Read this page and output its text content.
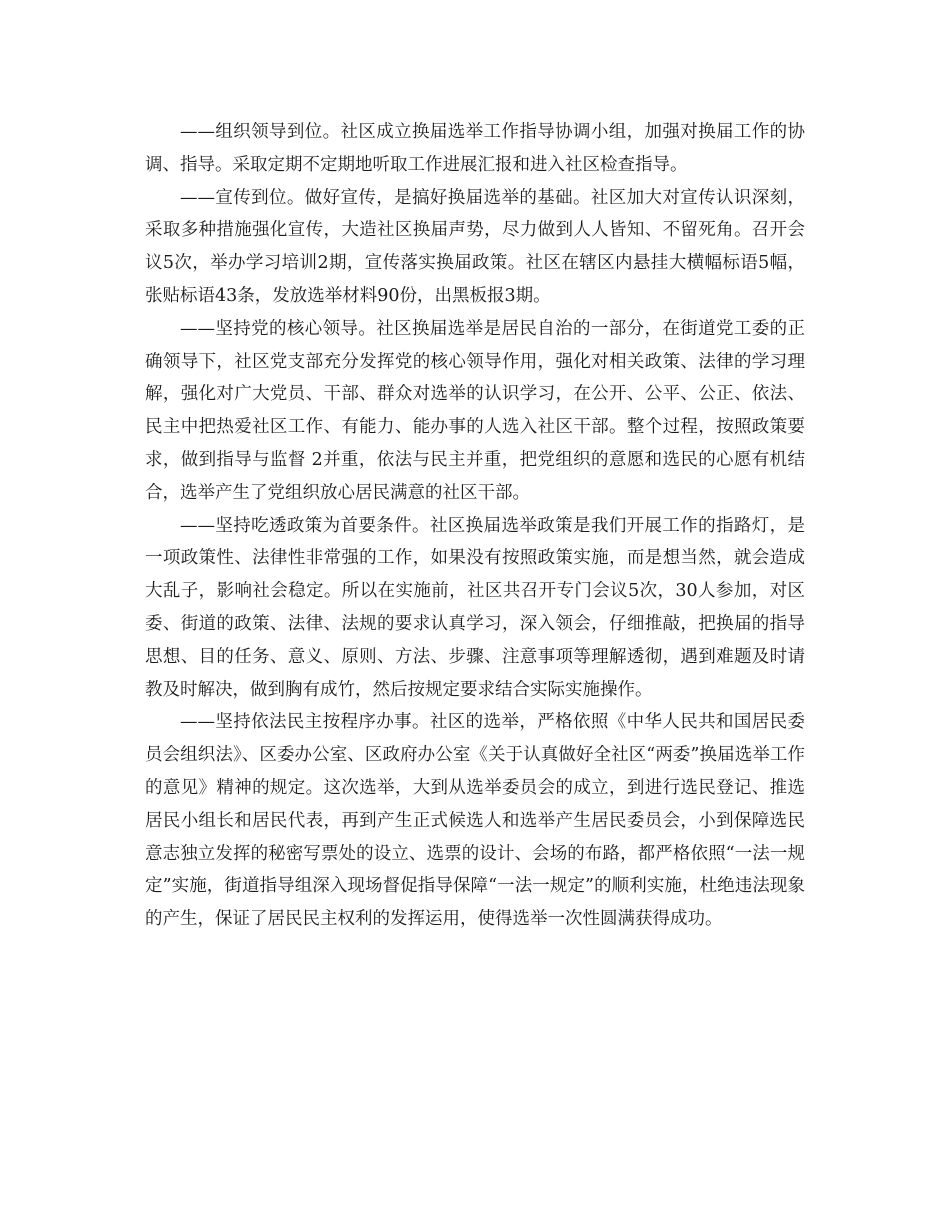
——组织领导到位。社区成立换届选举工作指导协调小组，加强对换届工作的协调、指导。采取定期不定期地听取工作进展汇报和进入社区检查指导。

——宣传到位。做好宣传，是搞好换届选举的基础。社区加大对宣传认识深刻，采取多种措施强化宣传，大造社区换届声势，尽力做到人人皆知、不留死角。召开会议5次，举办学习培训2期，宣传落实换届政策。社区在辖区内悬挂大横幅标语5幅，张贴标语43条，发放选举材料90份，出黑板报3期。

——坚持党的核心领导。社区换届选举是居民自治的一部分，在街道党工委的正确领导下，社区党支部充分发挥党的核心领导作用，强化对相关政策、法律的学习理解，强化对广大党员、干部、群众对选举的认识学习，在公开、公平、公正、依法、民主中把热爱社区工作、有能力、能办事的人选入社区干部。整个过程，按照政策要求，做到指导与监督 2并重，依法与民主并重，把党组织的意愿和选民的心愿有机结合，选举产生了党组织放心居民满意的社区干部。

——坚持吃透政策为首要条件。社区换届选举政策是我们开展工作的指路灯，是一项政策性、法律性非常强的工作，如果没有按照政策实施，而是想当然，就会造成大乱子，影响社会稳定。所以在实施前，社区共召开专门会议5次，30人参加，对区委、街道的政策、法律、法规的要求认真学习，深入领会，仔细推敲，把换届的指导思想、目的任务、意义、原则、方法、步骤、注意事项等理解透彻，遇到难题及时请教及时解决，做到胸有成竹，然后按规定要求结合实际实施操作。

——坚持依法民主按程序办事。社区的选举，严格依照《中华人民共和国居民委员会组织法》、区委办公室、区政府办公室《关于认真做好全社区“两委”换届选举工作的意见》精神的规定。这次选举，大到从选举委员会的成立，到进行选民登记、推选居民小组长和居民代表，再到产生正式候选人和选举产生居民委员会，小到保障选民意志独立发挥的秘密写票处的设立、选票的设计、会场的布路，都严格依照“一法一规定”实施，街道指导组深入现场督促指导保障“一法一规定”的顺利实施，杜绝违法现象的产生，保证了居民民主权利的发挥运用，使得选举一次性圆满获得成功。
